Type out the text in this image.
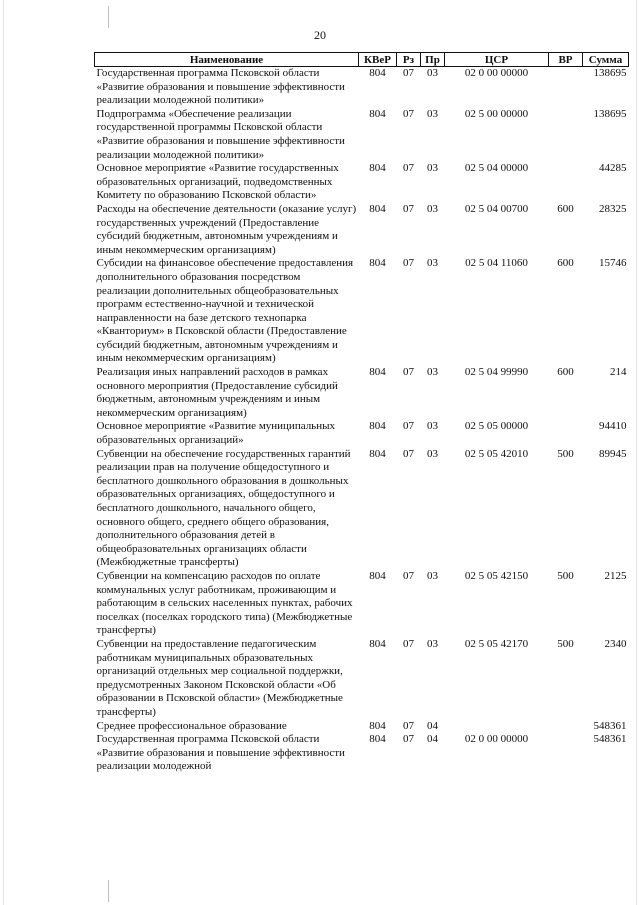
20
Наименование	КВеР	Рз	Пр	ЦСР	ВР	Сумма
Государственная программа Псковской области «Развитие образования и повышение эффективности реализации молодежной политики»	804	07	03	02 0 00 00000		138695
Подпрограмма «Обеспечение реализации государственной программы Псковской области «Развитие образования и повышение эффективности реализации молодежной политики»	804	07	03	02 5 00 00000		138695
Основное мероприятие «Развитие государственных образовательных организаций, подведомственных Комитету по образованию Псковской области»	804	07	03	02 5 04 00000		44285
Расходы на обеспечение деятельности (оказание услуг) государственных учреждений (Предоставление субсидий бюджетным, автономным учреждениям и иным некоммерческим организациям)	804	07	03	02 5 04 00700	600	28325
Субсидии на финансовое обеспечение предоставления дополнительного образования посредством реализации дополнительных общеобразовательных программ естественно-научной и технической направленности на базе детского технопарка «Кванториум» в Псковской области (Предоставление субсидий бюджетным, автономным учреждениям и иным некоммерческим организациям)	804	07	03	02 5 04 11060	600	15746
Реализация иных направлений расходов в рамках основного мероприятия (Предоставление субсидий бюджетным, автономным учреждениям и иным некоммерческим организациям)	804	07	03	02 5 04 99990	600	214
Основное мероприятие «Развитие муниципальных образовательных организаций»	804	07	03	02 5 05 00000		94410
Субвенции на обеспечение государственных гарантий реализации прав на получение общедоступного и бесплатного дошкольного образования в дошкольных образовательных организациях, общедоступного и бесплатного дошкольного, начального общего, основного общего, среднего общего образования, дополнительного образования детей в общеобразовательных организациях области (Межбюджетные трансферты)	804	07	03	02 5 05 42010	500	89945
Субвенции на компенсацию расходов по оплате коммунальных услуг работникам, проживающим и работающим в сельских населенных пунктах, рабочих поселках (поселках городского типа) (Межбюджетные трансферты)	804	07	03	02 5 05 42150	500	2125
Субвенции на предоставление педагогическим работникам муниципальных образовательных организаций отдельных мер социальной поддержки, предусмотренных Законом Псковской области «Об образовании в Псковской области» (Межбюджетные трансферты)	804	07	03	02 5 05 42170	500	2340
Среднее профессиональное образование	804	07	04			548361
Государственная программа Псковской области «Развитие образования и повышение эффективности реализации молодежной	804	07	04	02 0 00 00000		548361
